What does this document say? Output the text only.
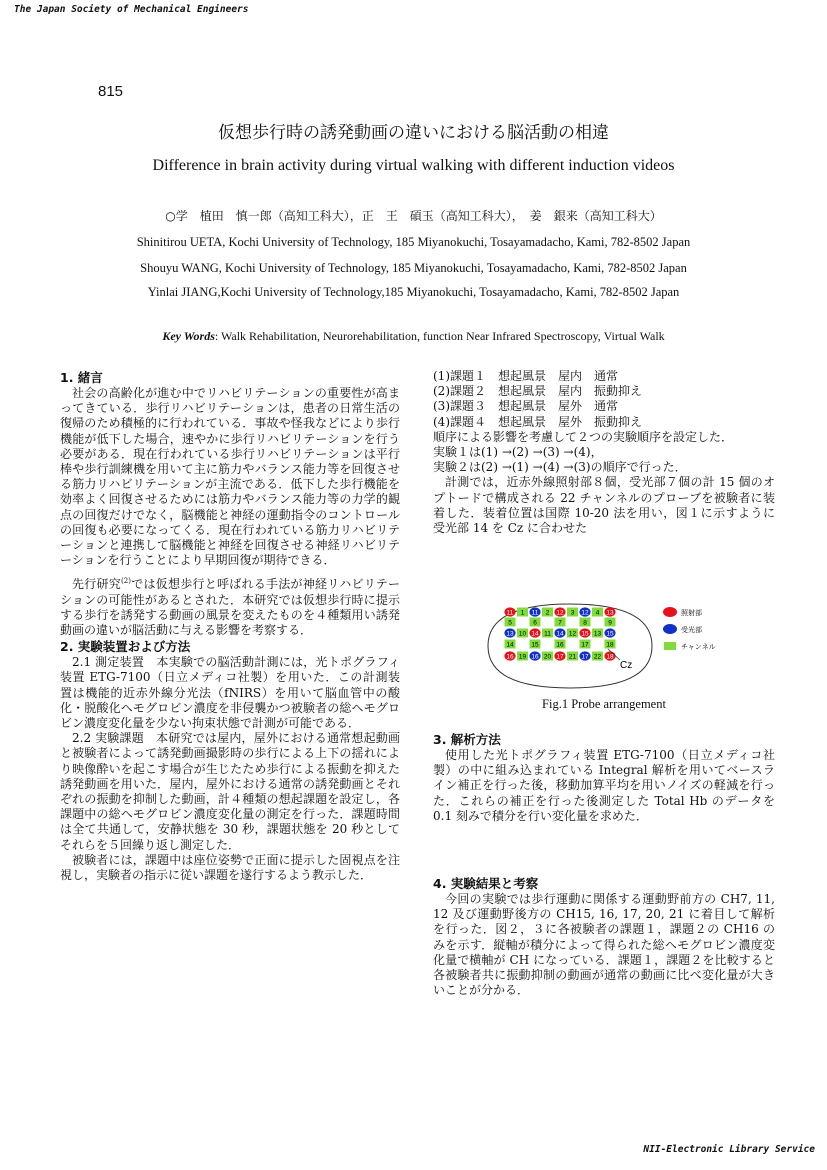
The Japan Society of Mechanical Engineers
815
仮想歩行時の誘発動画の違いにおける脳活動の相違
Difference in brain activity during virtual walking with different induction videos
○学　植田　慎一郎（高知工科大），正　王　碩玉（高知工科大），　姜　銀来（高知工科大）
Shinitirou UETA, Kochi University of Technology, 185 Miyanokuchi, Tosayamadacho, Kami, 782-8502 Japan
Shouyu WANG, Kochi University of Technology, 185 Miyanokuchi, Tosayamadacho, Kami, 782-8502 Japan
Yinlai JIANG,Kochi University of Technology,185 Miyanokuchi, Tosayamadacho, Kami, 782-8502 Japan
Key Words: Walk Rehabilitation, Neurorehabilitation, function Near Infrared Spectroscopy, Virtual Walk
1. 緒言

社会の高齢化が進む中でリハビリテーションの重要性が高まってきている．歩行リハビリテーションは，患者の日常生活の復帰のため積極的に行われている．事故や怪我などにより歩行機能が低下した場合，速やかに歩行リハビリテーションを行う必要がある．現在行われている歩行リハビリテーションは平行棒や歩行訓練機を用いて主に筋力やバランス能力等を回復させる筋力リハビリテーションが主流である．低下した歩行機能を効率よく回復させるためには筋力やバランス能力等の力学的観点の回復だけでなく，脳機能と神経の運動指令のコントロールの回復も必要になってくる．現在行われている筋力リハビリテーションと連携して脳機能と神経を回復させる神経リハビリテーションを行うことにより早期回復が期待できる．

先行研究$^{(2)}$では仮想歩行と呼ばれる手法が神経リハビリテーションの可能性があるとされた．本研究では仮想歩行時に提示する歩行を誘発する動画の風景を変えたものを４種類用い誘発動画の違いが脳活動に与える影響を考察する．

2. 実験装置および方法

2.1 測定装置　本実験での脳活動計測には，光トポグラフィ装置 ETG-7100（日立メディコ社製）を用いた．この計測装置は機能的近赤外線分光法（fNIRS）を用いて脳血管中の酸化・脱酸化ヘモグロビン濃度を非侵襲かつ被験者の総ヘモグロビン濃度変化量を少ない拘束状態で計測が可能である．

2.2 実験課題　本研究では屋内，屋外における通常想起動画と被験者によって誘発動画撮影時の歩行による上下の揺れにより映像酔いを起こす場合が生じたため歩行による振動を抑えた誘発動画を用いた．屋内，屋外における通常の誘発動画とそれぞれの振動を抑制した動画，計４種類の想起課題を設定し，各課題中の総ヘモグロビン濃度変化量の測定を行った．課題時間は全て共通して，安静状態を 30 秒，課題状態を 20 秒としてそれらを５回繰り返し測定した．

被験者には，課題中は座位姿勢で正面に提示した固視点を注視し，実験者の指示に従い課題を遂行するよう教示した．

(1)課題１　想起風景　屋内　通常

(2)課題２　想起風景　屋内　振動抑え

(3)課題３　想起風景　屋外　通常

(4)課題４　想起風景　屋外　振動抑え

順序による影響を考慮して２つの実験順序を設定した．

実験１は(1) →(2) →(3) →(4)，

実験２は(2) →(1) →(4) →(3)の順序で行った．

計測では，近赤外線照射部８個，受光部７個の計 15 個のオプトードで構成される 22 チャンネルのプローブを被験者に装着した．装着位置は国際 10-20 法を用い，図１に示すように受光部 14 を Cz に合わせた

11 1 11 2 12 3 12 4 13
13 10 14 11 14 12 15 13 15
16 19 16 20 17 21 17 22 18
5	6	7	8	9
14	15	16	17	18
Cz
照射部
受光部
チャンネル
Fig.1 Probe arrangement
3. 解析方法

使用した光トポグラフィ装置 ETG-7100（日立メディコ社製）の中に組み込まれている Integral 解析を用いてベースライン補正を行った後，移動加算平均を用いノイズの軽減を行った．これらの補正を行った後測定した Total Hb のデータを 0.1 刻みで積分を行い変化量を求めた．

4. 実験結果と考察

今回の実験では歩行運動に関係する運動野前方の CH7, 11, 12 及び運動野後方の CH15, 16, 17, 20, 21 に着目して解析を行った．図２，３に各被験者の課題１，課題２の CH16 のみを示す．縦軸が積分によって得られた総ヘモグロビン濃度変化量で横軸が CH になっている．課題１，課題２を比較すると各被験者共に振動抑制の動画が通常の動画に比べ変化量が大きいことが分かる．

NII-Electronic Library Service
